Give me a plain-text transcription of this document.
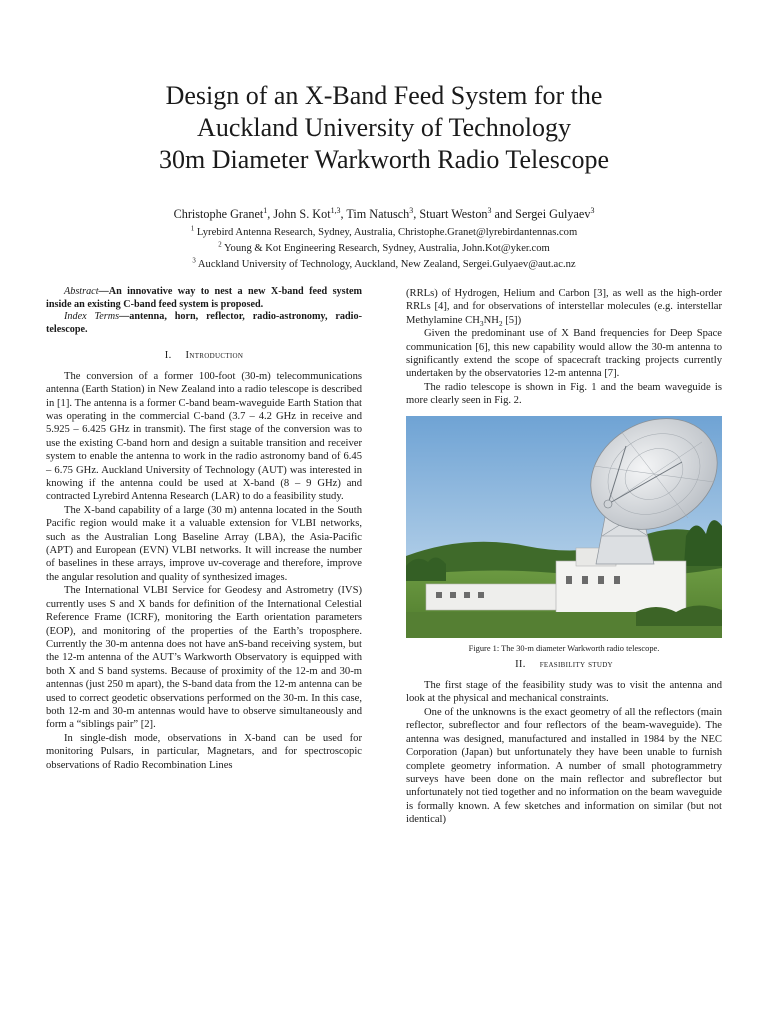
Design of an X-Band Feed System for the
Auckland University of Technology
30m Diameter Warkworth Radio Telescope
Christophe Granet$^1$, John S. Kot$^{1,3}$, Tim Natusch$^3$, Stuart Weston$^3$ and Sergei Gulyaev$^3$
$^1$ Lyrebird Antenna Research, Sydney, Australia, Christophe.Granet@lyrebirdantennas.com
$^2$ Young & Kot Engineering Research, Sydney, Australia, John.Kot@yker.com
$^3$ Auckland University of Technology, Auckland, New Zealand, Sergei.Gulyaev@aut.ac.nz

Abstract—An innovative way to nest a new X-band feed system inside an existing C-band feed system is proposed.

Index Terms—antenna, horn, reflector, radio-astronomy, radio-telescope.

I. Introduction

The conversion of a former 100-foot (30-m) telecommunications antenna (Earth Station) in New Zealand into a radio telescope is described in [1]. The antenna is a former C-band beam-waveguide Earth Station that was operating in the commercial C-band (3.7 – 4.2 GHz in receive and 5.925 – 6.425 GHz in transmit). The first stage of the conversion was to use the existing C-band horn and design a suitable transition and receiver system to enable the antenna to work in the radio astronomy band of 6.45 – 6.75 GHz. Auckland University of Technology (AUT) was interested in knowing if the antenna could be used at X-band (8 – 9 GHz) and contracted Lyrebird Antenna Research (LAR) to do a feasibility study.

The X-band capability of a large (30 m) antenna located in the South Pacific region would make it a valuable extension for VLBI networks, such as the Australian Long Baseline Array (LBA), the Asia-Pacific (APT) and European (EVN) VLBI networks. It will increase the number of baselines in these arrays, improve uv-coverage and therefore, improve the angular resolution and quality of synthesized images.

The International VLBI Service for Geodesy and Astrometry (IVS) currently uses S and X bands for definition of the International Celestial Reference Frame (ICRF), monitoring the Earth orientation parameters (EOP), and monitoring of the properties of the Earth’s troposphere. Currently the 30-m antenna does not have anS-band receiving system, but the 12-m antenna of the AUT’s Warkworth Observatory is equipped with both X and S band systems. Because of proximity of the 12-m and 30-m antennas (just 250 m apart), the S-band data from the 12-m antenna can be used to correct geodetic observations performed on the 30-m. In this case, both 12-m and 30-m antennas would have to observe simultaneously and form a “siblings pair” [2].

In single-dish mode, observations in X-band can be used for monitoring Pulsars, in particular, Magnetars, and for spectroscopic observations of Radio Recombination Lines

(RRLs) of Hydrogen, Helium and Carbon [3], as well as the high-order RRLs [4], and for observations of interstellar molecules (e.g. interstellar Methylamine $CH_3NH_2$ [5])

Given the predominant use of X Band frequencies for Deep Space communication [6], this new capability would allow the 30-m antenna to significantly extend the scope of spacecraft tracking projects currently undertaken by the observatories 12-m antenna [7].

The radio telescope is shown in Fig. 1 and the beam waveguide is more clearly seen in Fig. 2.

Figure 1: The 30-m diameter Warkworth radio telescope.
II. feasibility study

The first stage of the feasibility study was to visit the antenna and look at the physical and mechanical constraints.

One of the unknowns is the exact geometry of all the reflectors (main reflector, subreflector and four reflectors of the beam-waveguide). The antenna was designed, manufactured and installed in 1984 by the NEC Corporation (Japan) but unfortunately they have been unable to furnish complete geometry information. A number of small photogrammetry surveys have been done on the main reflector and subreflector but unfortunately not tied together and no information on the beam waveguide is formally known. A few sketches and information on similar (but not identical)
